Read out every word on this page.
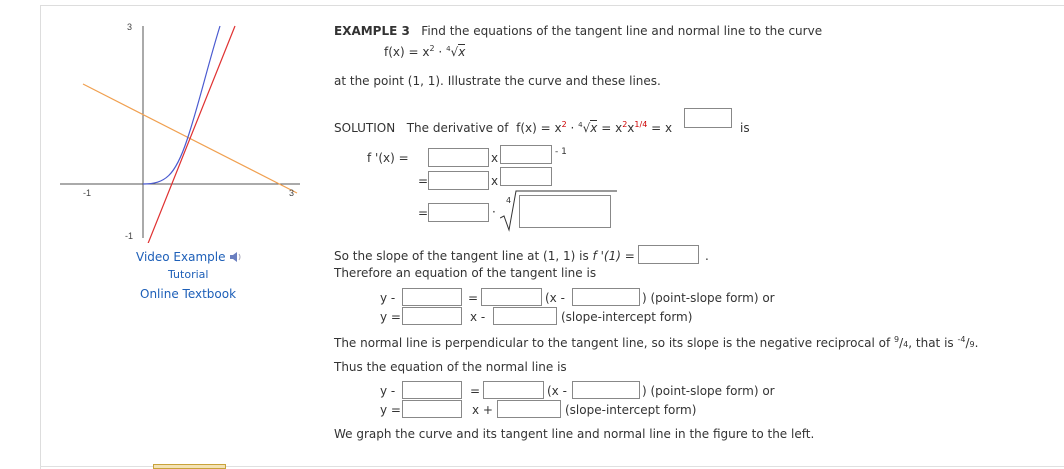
3
-1
-1	3
Video Example
Tutorial
Online Textbook
EXAMPLE 3 Find the equations of the tangent line and normal line to the curve
$f(x) = x^2 \cdot ^4√x$
at the point (1, 1). Illustrate the curve and these lines.
SOLUTION The derivative of $f(x) = x^2 \cdot ^4√x = x^2x^{1/4} = x$	is
f '(x) =	x	- 1
=	x
=	·
4
So the slope of the tangent line at (1, 1) is f '(1) =	.
Therefore an equation of the tangent line is
y -	=	(x -	) (point-slope form) or
y =	x -	(slope-intercept form)
The normal line is perpendicular to the tangent line, so its slope is the negative reciprocal of $^9$/4, that is $^{-4}$/9.
Thus the equation of the normal line is
y -	=	(x -	) (point-slope form) or
y =	x +	(slope-intercept form)
We graph the curve and its tangent line and normal line in the figure to the left.
